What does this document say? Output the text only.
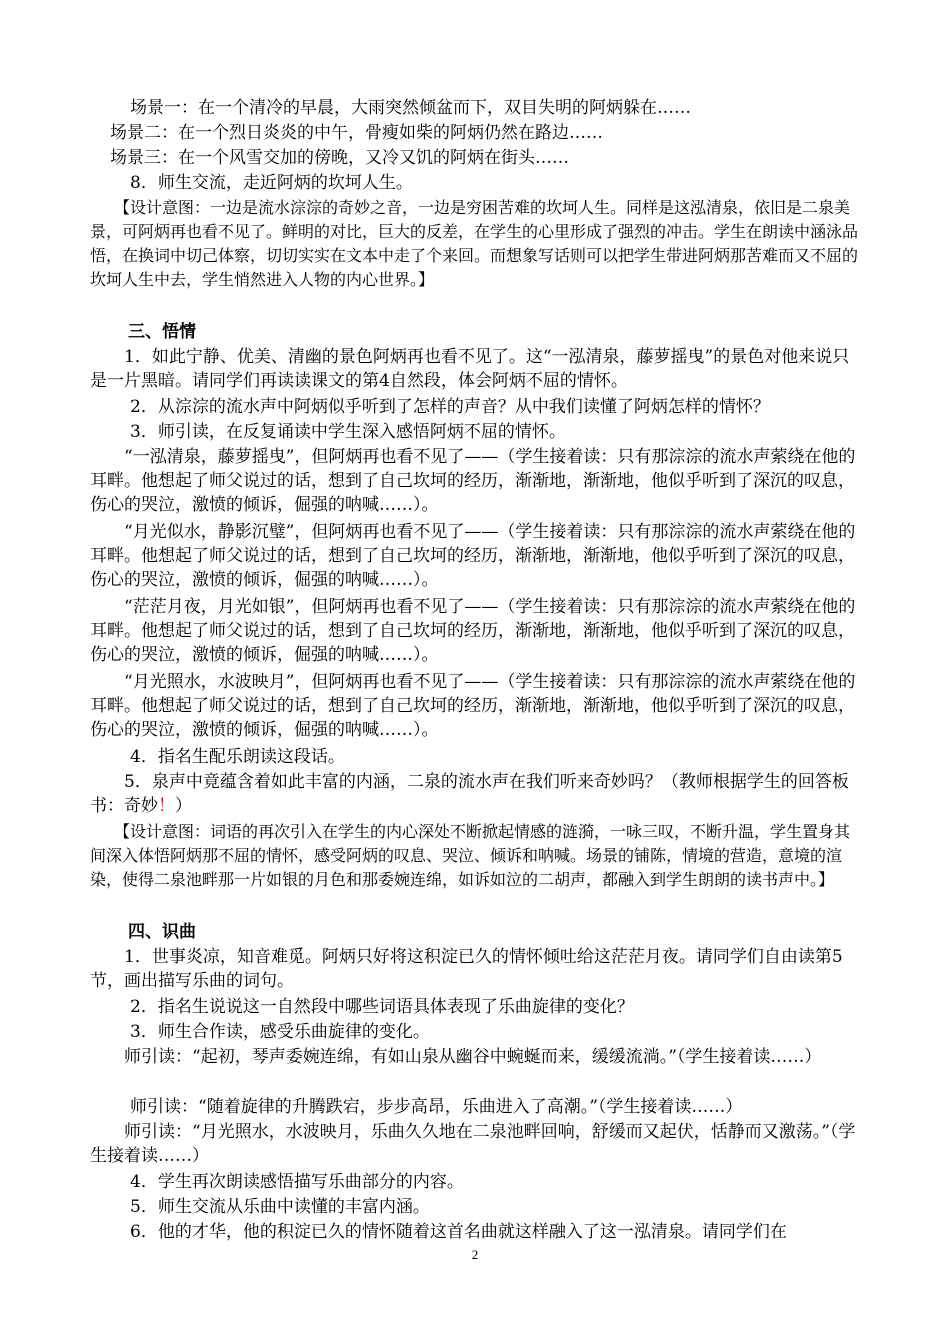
场景一：在一个清冷的早晨，大雨突然倾盆而下，双目失明的阿炳躲在……
场景二：在一个烈日炎炎的中午，骨瘦如柴的阿炳仍然在路边……
场景三：在一个风雪交加的傍晚，又冷又饥的阿炳在街头……
8．师生交流，走近阿炳的坎坷人生。
【设计意图：一边是流水淙淙的奇妙之音，一边是穷困苦难的坎坷人生。同样是这泓清泉，依旧是二泉美景，可阿炳再也看不见了。鲜明的对比，巨大的反差，在学生的心里形成了强烈的冲击。学生在朗读中涵泳品悟，在换词中切己体察，切切实实在文本中走了个来回。而想象写话则可以把学生带进阿炳那苦难而又不屈的坎坷人生中去，学生悄然进入人物的内心世界。】
三、悟情
1．如此宁静、优美、清幽的景色阿炳再也看不见了。这“一泓清泉，藤萝摇曳”的景色对他来说只是一片黑暗。请同学们再读读课文的第4自然段，体会阿炳不屈的情怀。
2．从淙淙的流水声中阿炳似乎听到了怎样的声音？从中我们读懂了阿炳怎样的情怀？
3．师引读，在反复诵读中学生深入感悟阿炳不屈的情怀。
“一泓清泉，藤萝摇曳”，但阿炳再也看不见了——（学生接着读：只有那淙淙的流水声萦绕在他的耳畔。他想起了师父说过的话，想到了自己坎坷的经历，渐渐地，渐渐地，他似乎听到了深沉的叹息，伤心的哭泣，激愤的倾诉，倔强的呐喊……）。
“月光似水，静影沉璧”，但阿炳再也看不见了——（学生接着读：只有那淙淙的流水声萦绕在他的耳畔。他想起了师父说过的话，想到了自己坎坷的经历，渐渐地，渐渐地，他似乎听到了深沉的叹息，伤心的哭泣，激愤的倾诉，倔强的呐喊……）。
“茫茫月夜，月光如银”，但阿炳再也看不见了——（学生接着读：只有那淙淙的流水声萦绕在他的耳畔。他想起了师父说过的话，想到了自己坎坷的经历，渐渐地，渐渐地，他似乎听到了深沉的叹息，伤心的哭泣，激愤的倾诉，倔强的呐喊……）。
“月光照水，水波映月”，但阿炳再也看不见了——（学生接着读：只有那淙淙的流水声萦绕在他的耳畔。他想起了师父说过的话，想到了自己坎坷的经历，渐渐地，渐渐地，他似乎听到了深沉的叹息，伤心的哭泣，激愤的倾诉，倔强的呐喊……）。
4．指名生配乐朗读这段话。
5．泉声中竟蕴含着如此丰富的内涵，二泉的流水声在我们听来奇妙吗？（教师根据学生的回答板书：奇妙！）
【设计意图：词语的再次引入在学生的内心深处不断掀起情感的涟漪，一咏三叹，不断升温，学生置身其间深入体悟阿炳那不屈的情怀，感受阿炳的叹息、哭泣、倾诉和呐喊。场景的铺陈，情境的营造，意境的渲染，使得二泉池畔那一片如银的月色和那委婉连绵，如诉如泣的二胡声，都融入到学生朗朗的读书声中。】
四、识曲
1．世事炎凉，知音难觅。阿炳只好将这积淀已久的情怀倾吐给这茫茫月夜。请同学们自由读第5节，画出描写乐曲的词句。
2．指名生说说这一自然段中哪些词语具体表现了乐曲旋律的变化？
3．师生合作读，感受乐曲旋律的变化。
师引读：“起初，琴声委婉连绵，有如山泉从幽谷中蜿蜒而来，缓缓流淌。”（学生接着读……）
师引读：“随着旋律的升腾跌宕，步步高昂，乐曲进入了高潮。”（学生接着读……）
师引读：“月光照水，水波映月，乐曲久久地在二泉池畔回响，舒缓而又起伏，恬静而又激荡。”（学生接着读……）
4．学生再次朗读感悟描写乐曲部分的内容。
5．师生交流从乐曲中读懂的丰富内涵。
6．他的才华，他的积淀已久的情怀随着这首名曲就这样融入了这一泓清泉。请同学们在
2
